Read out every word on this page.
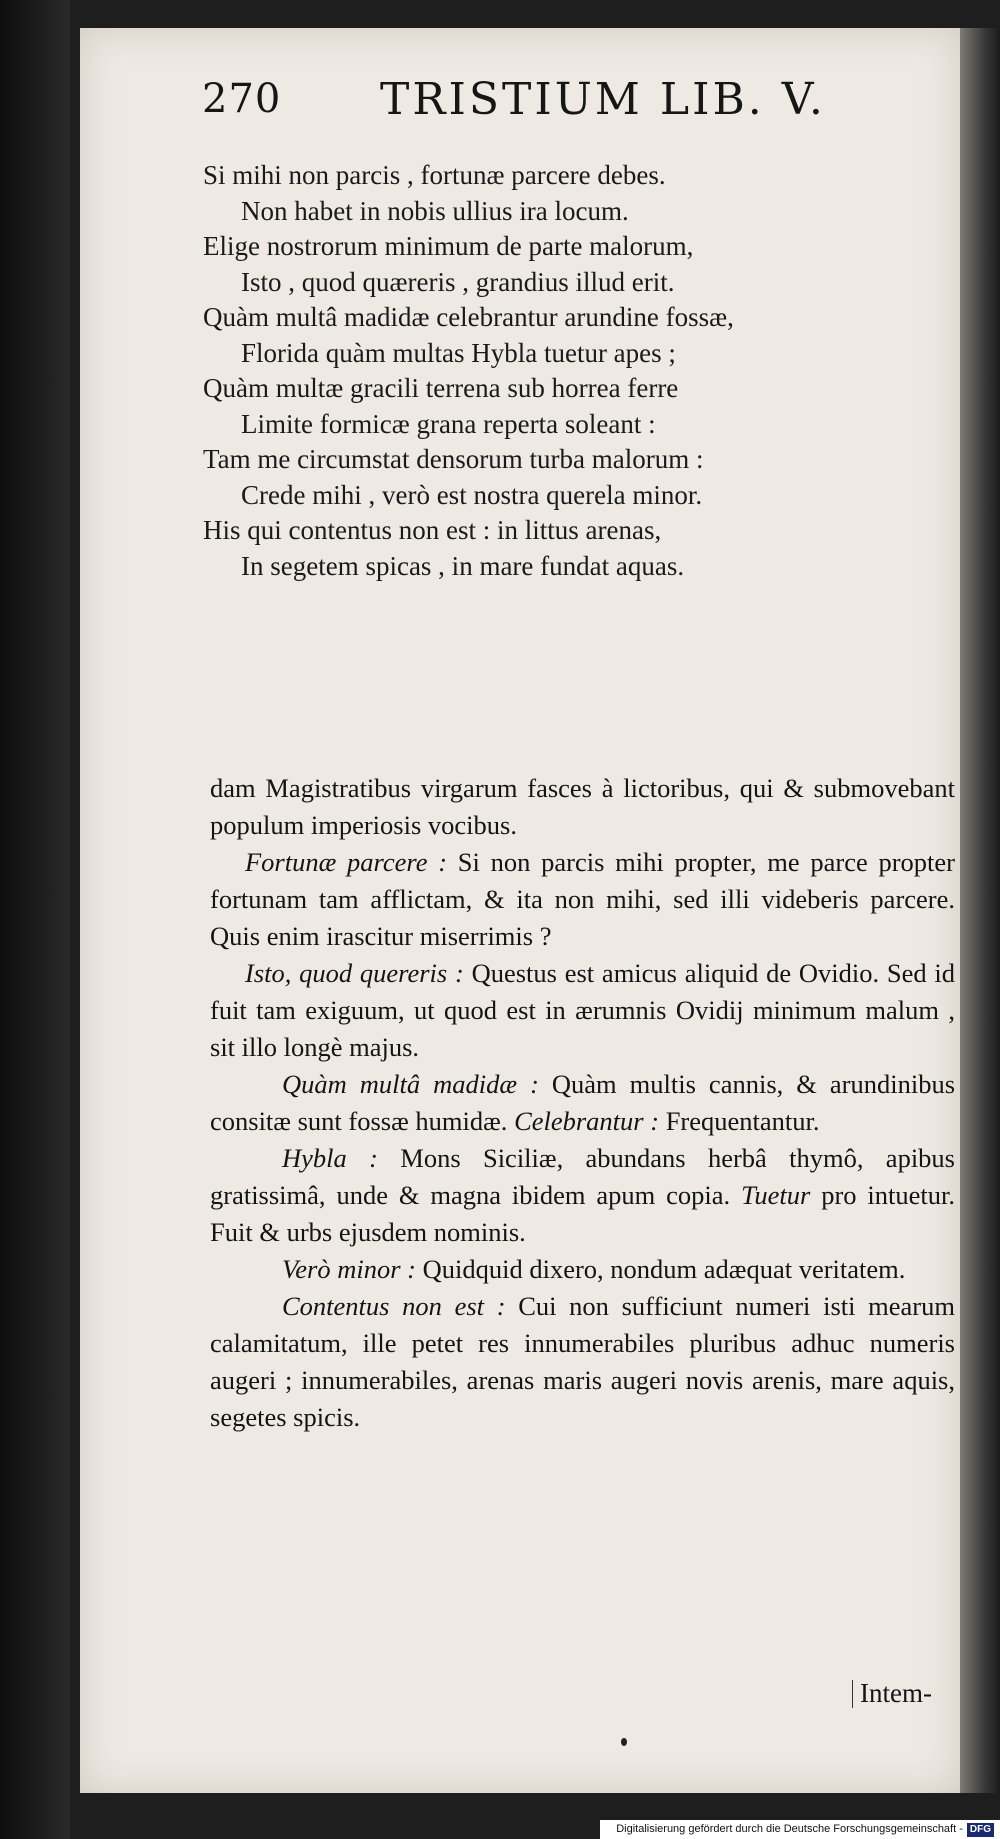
270 TRISTIUM LIB. V.
Si mihi non parcis , fortunæ parcere debes.
Non habet in nobis ullius ira locum.
Elige nostrorum minimum de parte malorum,
Isto , quod quæreris , grandius illud erit.
Quàm multâ madidæ celebrantur arundine fossæ,
Florida quàm multas Hybla tuetur apes ;
Quàm multæ gracili terrena sub horrea ferre
Limite formicæ grana reperta soleant :
Tam me circumstat densorum turba malorum :
Crede mihi , verò est nostra querela minor.
His qui contentus non est : in littus arenas,
In segetem spicas , in mare fundat aquas.

dam Magistratibus virgarum fasces à lictoribus, qui & submovebant populum imperiosis vocibus.

Fortunæ parcere : Si non parcis mihi propter, me parce propter fortunam tam afflictam, & ita non mihi, sed illi videberis parcere. Quis enim irascitur miserrimis ?

Isto, quod quereris : Questus est amicus aliquid de Ovidio. Sed id fuit tam exiguum, ut quod est in ærumnis Ovidij minimum malum , sit illo longè majus.

Quàm multâ madidæ : Quàm multis cannis, & arundinibus consitæ sunt fossæ humidæ. Celebrantur : Frequentantur.

Hybla : Mons Siciliæ, abundans herbâ thymô, apibus gratissimâ, unde & magna ibidem apum copia. Tuetur pro intuetur. Fuit & urbs ejusdem nominis.

Verò minor : Quidquid dixero, nondum adæquat veritatem.

Contentus non est : Cui non sufficiunt numeri isti mearum calamitatum, ille petet res innumerabiles pluribus adhuc numeris augeri ; innumerabiles, arenas maris augeri novis arenis, mare aquis, segetes spicis.

Intem-
Digitalisierung gefördert durch die Deutsche Forschungsgemeinschaft - DFG
